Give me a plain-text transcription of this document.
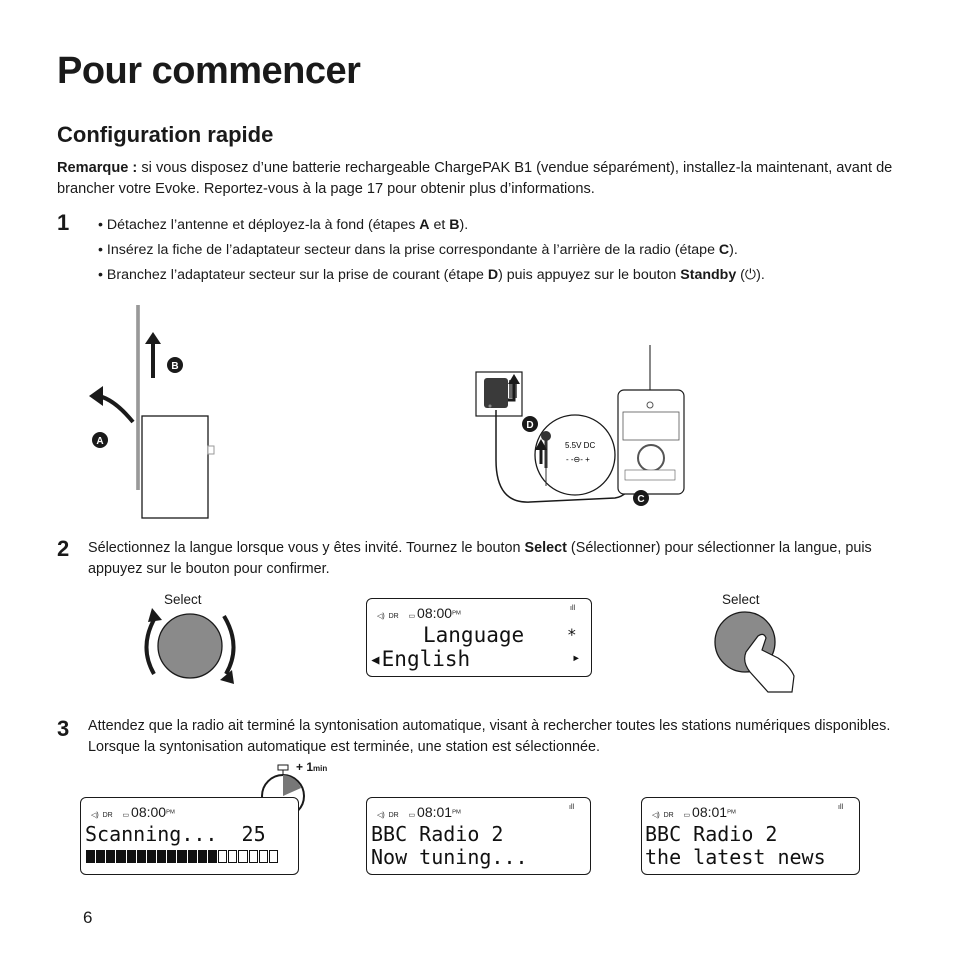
Pour commencer
Configuration rapide
Remarque : si vous disposez d’une batterie rechargeable ChargePAK B1 (vendue séparément), installez-la maintenant, avant de brancher votre Evoke. Reportez-vous à la page 17 pour obtenir plus d’informations.
1 • Détachez l’antenne et déployez-la à fond (étapes A et B).
• Insérez la fiche de l’adaptateur secteur dans la prise correspondante à l’arrière de la radio (étape C).
• Branchez l’adaptateur secteur sur la prise de courant (étape D) puis appuyez sur le bouton Standby (⏻).
B
A
D
5.5V DC
- -⊖- +
C
2 Sélectionnez la langue lorsque vous y êtes invité. Tournez le bouton Select (Sélectionner) pour sélectionner la langue, puis appuyez sur le bouton pour confirmer.
Select
◁)  DR     ▭ $08:00^{PM}$
ıll
Language	*
◂English	▸
Select
3 Attendez que la radio ait terminé la syntonisation automatique, visant à rechercher toutes les stations numériques disponibles. Lorsque la syntonisation automatique est terminée, une station est sélectionnée.
+ 1min
◁)  DR     ▭ $08:00^{PM}$
Scanning... 25
◁)  DR     ▭ $08:01^{PM}$
ıll
BBC Radio 2
Now tuning...
◁)  DR     ▭ $08:01^{PM}$
ıll
BBC Radio 2
the latest news
6
